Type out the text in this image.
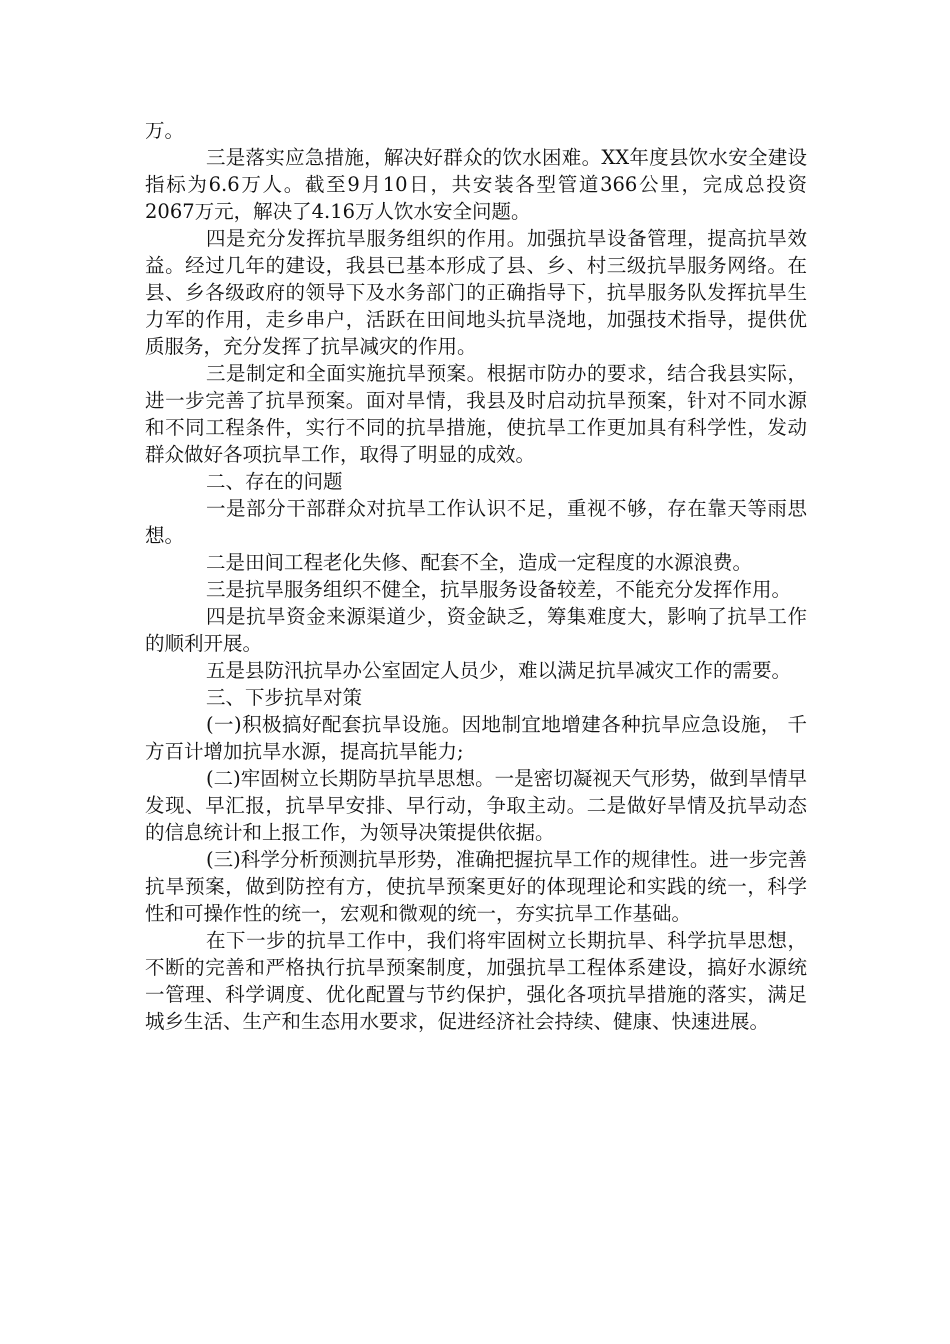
万。

三是落实应急措施，解决好群众的饮水困难。XX年度县饮水安全建设指标为6.6万人。截至9月10日，共安装各型管道366公里，完成总投资2067万元，解决了4.16万人饮水安全问题。

四是充分发挥抗旱服务组织的作用。加强抗旱设备管理，提高抗旱效益。经过几年的建设，我县已基本形成了县、乡、村三级抗旱服务网络。在县、乡各级政府的领导下及水务部门的正确指导下，抗旱服务队发挥抗旱生力军的作用，走乡串户，活跃在田间地头抗旱浇地，加强技术指导，提供优质服务，充分发挥了抗旱减灾的作用。

三是制定和全面实施抗旱预案。根据市防办的要求，结合我县实际，进一步完善了抗旱预案。面对旱情，我县及时启动抗旱预案，针对不同水源和不同工程条件，实行不同的抗旱措施，使抗旱工作更加具有科学性，发动群众做好各项抗旱工作，取得了明显的成效。

二、存在的问题

一是部分干部群众对抗旱工作认识不足，重视不够，存在靠天等雨思想。

二是田间工程老化失修、配套不全，造成一定程度的水源浪费。

三是抗旱服务组织不健全，抗旱服务设备较差，不能充分发挥作用。

四是抗旱资金来源渠道少，资金缺乏，筹集难度大，影响了抗旱工作的顺利开展。

五是县防汛抗旱办公室固定人员少，难以满足抗旱减灾工作的需要。

三、下步抗旱对策

(一)积极搞好配套抗旱设施。因地制宜地增建各种抗旱应急设施， 千方百计增加抗旱水源，提高抗旱能力;

(二)牢固树立长期防旱抗旱思想。一是密切凝视天气形势，做到旱情早发现、早汇报，抗旱早安排、早行动，争取主动。二是做好旱情及抗旱动态的信息统计和上报工作，为领导决策提供依据。

(三)科学分析预测抗旱形势，准确把握抗旱工作的规律性。进一步完善抗旱预案，做到防控有方，使抗旱预案更好的体现理论和实践的统一，科学性和可操作性的统一，宏观和微观的统一，夯实抗旱工作基础。

在下一步的抗旱工作中，我们将牢固树立长期抗旱、科学抗旱思想，不断的完善和严格执行抗旱预案制度，加强抗旱工程体系建设，搞好水源统一管理、科学调度、优化配置与节约保护，强化各项抗旱措施的落实，满足城乡生活、生产和生态用水要求，促进经济社会持续、健康、快速进展。
